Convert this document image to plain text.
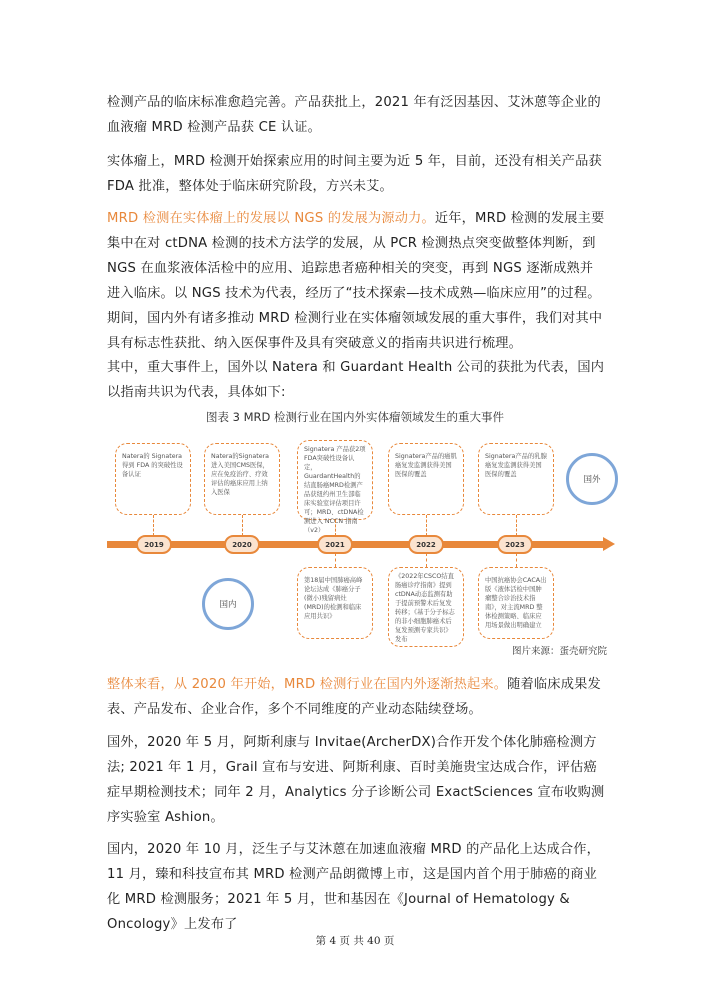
检测产品的临床标准愈趋完善。产品获批上，2021 年有泛因基因、艾沐蒽等企业的血液瘤 MRD 检测产品获 CE 认证。

实体瘤上，MRD 检测开始探索应用的时间主要为近 5 年，目前，还没有相关产品获 FDA 批准，整体处于临床研究阶段，方兴未艾。

MRD 检测在实体瘤上的发展以 NGS 的发展为源动力。近年，MRD 检测的发展主要集中在对 ctDNA 检测的技术方法学的发展，从 PCR 检测热点突变做整体判断，到 NGS 在血浆液体活检中的应用、追踪患者癌种相关的突变，再到 NGS 逐渐成熟并进入临床。以 NGS 技术为代表，经历了“技术探索—技术成熟—临床应用”的过程。期间，国内外有诸多推动 MRD 检测行业在实体瘤领域发展的重大事件，我们对其中具有标志性获批、纳入医保事件及具有突破意义的指南共识进行梳理。

其中，重大事件上，国外以 Natera 和 Guardant Health 公司的获批为代表，国内以指南共识为代表，具体如下:

图表 3 MRD 检测行业在国内外实体瘤领域发生的重大事件
Natera的 Signatera 得到 FDA 的突破性设备认证
Natera的Signatera进入美国CMS医保，应在免疫治疗、疗效评估的癌床应用上纳入医保
Signatera 产品获2项FDA突破性设备认定，GuardantHealth的结直肠癌MRD检测产品获纽约州卫生部临床实验室评估项目许可；MRD、ctDNA检测进入 NCCN 指南（v2）
Signatera产品的癌肌癌复发监测获得美国医保的覆盖
Signatera产品的乳腺癌复发监测获得美国医保的覆盖
国外
2019	2020	2021	2022	2023
国内
第18届中国肺癌高峰论坛达成《肺癌分子(微小)残留病灶(MRD)的检测和临床应用共识》
《2022年CSCO结直肠癌诊疗指南》提到ctDNA动态监测有助于提前预警术后复发转移；《基于分子标志的非小细胞肺癌术后复发预测专家共识》发布
中国抗癌协会CACA出版《液体活检中国肿瘤整合诊治技术指南》，对主流MRD 整体检测策略、临床应用场景做出明确建立
图片来源：蛋壳研究院

整体来看，从 2020 年开始，MRD 检测行业在国内外逐渐热起来。随着临床成果发表、产品发布、企业合作，多个不同维度的产业动态陆续登场。

国外，2020 年 5 月，阿斯利康与 Invitae(ArcherDX)合作开发个体化肺癌检测方法; 2021 年 1 月，Grail 宣布与安进、阿斯利康、百时美施贵宝达成合作，评估癌症早期检测技术；同年 2 月，Analytics 分子诊断公司 ExactSciences 宣布收购测序实验室 Ashion。

国内，2020 年 10 月，泛生子与艾沐蒽在加速血液瘤 MRD 的产品化上达成合作，11 月，臻和科技宣布其 MRD 检测产品朗微博上市，这是国内首个用于肺癌的商业化 MRD 检测服务；2021 年 5 月，世和基因在《Journal of Hematology & Oncology》上发布了

第 4 页 共 40 页
